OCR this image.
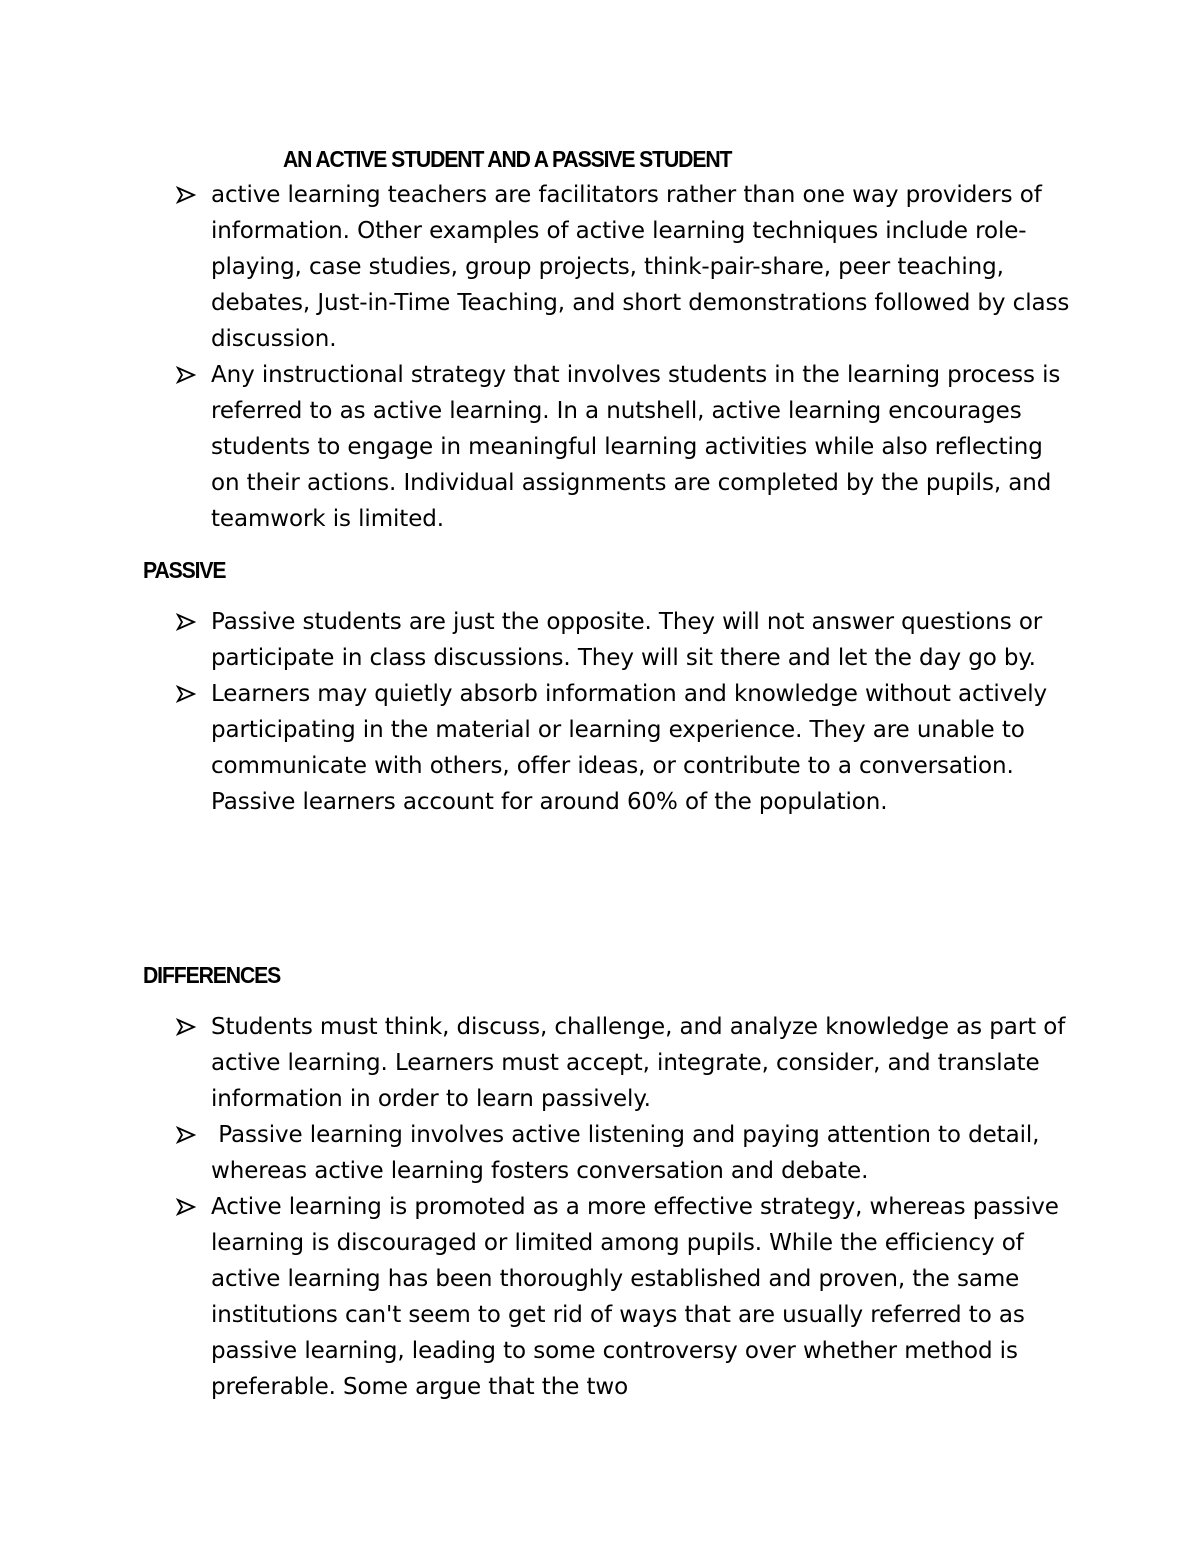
AN ACTIVE STUDENT AND A PASSIVE STUDENT
active learning teachers are facilitators rather than one way providers of information. Other examples of active learning techniques include role-playing, case studies, group projects, think-pair-share, peer teaching, debates, Just-in-Time Teaching, and short demonstrations followed by class discussion.
Any instructional strategy that involves students in the learning process is referred to as active learning. In a nutshell, active learning encourages students to engage in meaningful learning activities while also reflecting on their actions. Individual assignments are completed by the pupils, and teamwork is limited.
PASSIVE
Passive students are just the opposite. They will not answer questions or participate in class discussions. They will sit there and let the day go by.
Learners may quietly absorb information and knowledge without actively participating in the material or learning experience. They are unable to communicate with others, offer ideas, or contribute to a conversation. Passive learners account for around 60% of the population.
DIFFERENCES
Students must think, discuss, challenge, and analyze knowledge as part of active learning. Learners must accept, integrate, consider, and translate information in order to learn passively.
Passive learning involves active listening and paying attention to detail, whereas active learning fosters conversation and debate.
Active learning is promoted as a more effective strategy, whereas passive learning is discouraged or limited among pupils. While the efficiency of active learning has been thoroughly established and proven, the same institutions can't seem to get rid of ways that are usually referred to as passive learning, leading to some controversy over whether method is preferable. Some argue that the two
